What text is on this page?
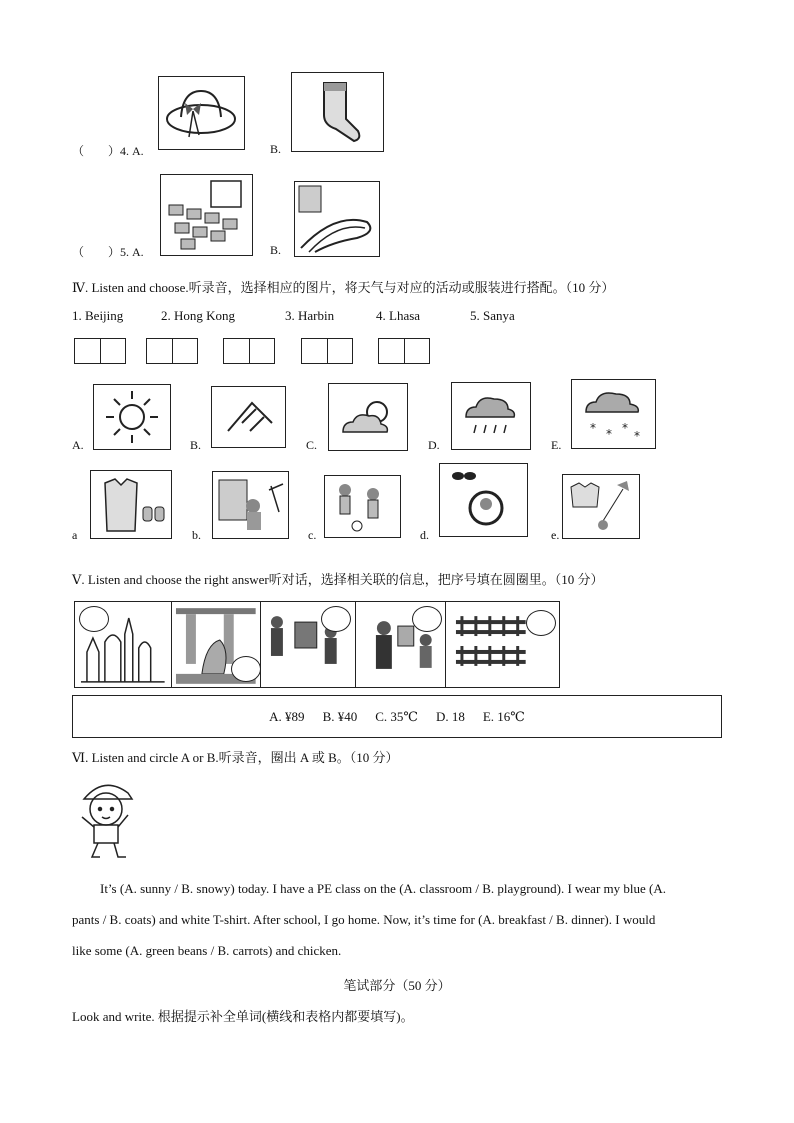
（　　）4. A.	B.
（　　）5. A.	B.
Ⅳ. Listen and choose.听录音，选择相应的图片，将天气与对应的活动或服装进行搭配。（10 分）
1. Beijing	2. Hong Kong	3. Harbin	4. Lhasa	5. Sanya
A.	B.	C.	D.	E.
* * *
*
a	b.	c.	d.	e.
Ⅴ. Listen and choose the right answer听对话，选择相关联的信息，把序号填在圆圈里。（10 分）
A. ¥89 B. ¥40 C. 35℃ D. 18 E. 16℃
Ⅵ. Listen and circle A or B.听录音，圈出 A 或 B。（10 分）

It’s (A. sunny / B. snowy) today. I have a PE class on the (A. classroom / B. playground). I wear my blue (A.

pants / B. coats) and white T-shirt. After school, I go home. Now, it’s time for (A. breakfast / B. dinner). I would
like some (A. green beans / B. carrots) and chicken.
笔试部分（50 分）
Look and write. 根据提示补全单词(横线和表格内都要填写)。
